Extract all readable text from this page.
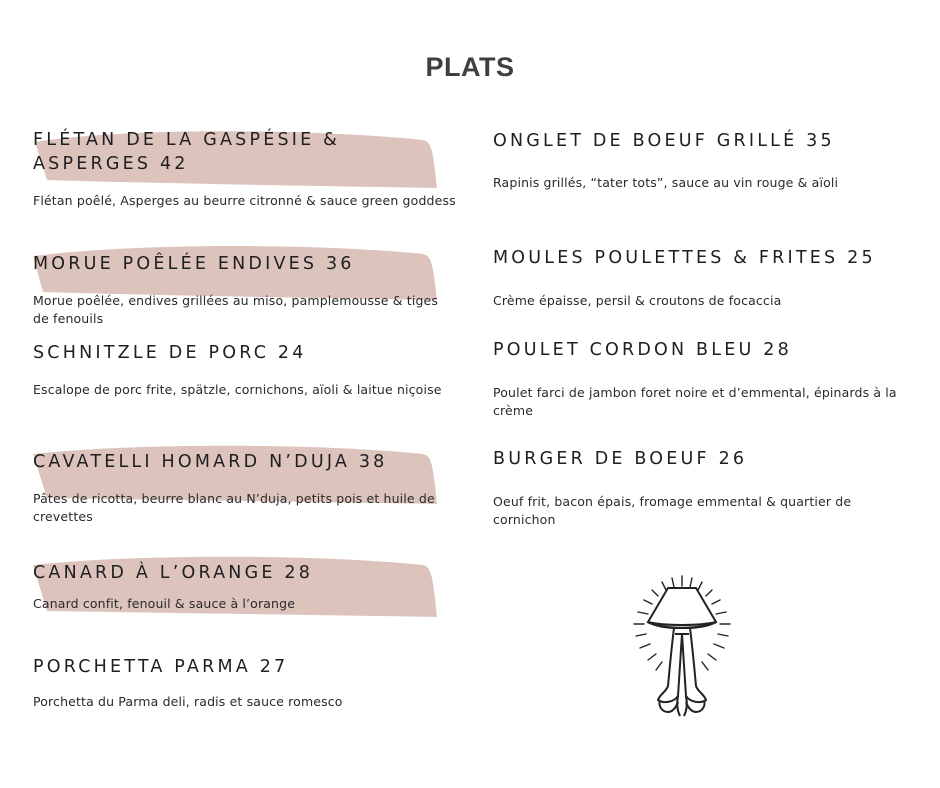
PLATS

FLÉTAN DE LA GASPÉSIE & ASPERGES 42

Flétan poêlé, Asperges au beurre citronné & sauce green goddess

MORUE POÊLÉE ENDIVES 36

Morue poêlée, endives grillées au miso, pamplemousse & tiges de fenouils

SCHNITZLE DE PORC 24

Escalope de porc frite, spätzle, cornichons, aïoli & laitue niçoise

CAVATELLI HOMARD N’DUJA 38

Pâtes de ricotta, beurre blanc au N’duja, petits pois et huile de crevettes

CANARD À L’ORANGE 28

Canard confit, fenouil & sauce à l’orange

PORCHETTA PARMA 27

Porchetta du Parma deli, radis et sauce romesco

ONGLET DE BOEUF GRILLÉ 35

Rapinis grillés, “tater tots”, sauce au vin rouge & aïoli

MOULES POULETTES & FRITES 25

Crème épaisse, persil & croutons de focaccia

POULET CORDON BLEU 28

Poulet farci de jambon foret noire et d’emmental, épinards à la crème

BURGER DE BOEUF 26

Oeuf frit, bacon épais, fromage emmental & quartier de cornichon
